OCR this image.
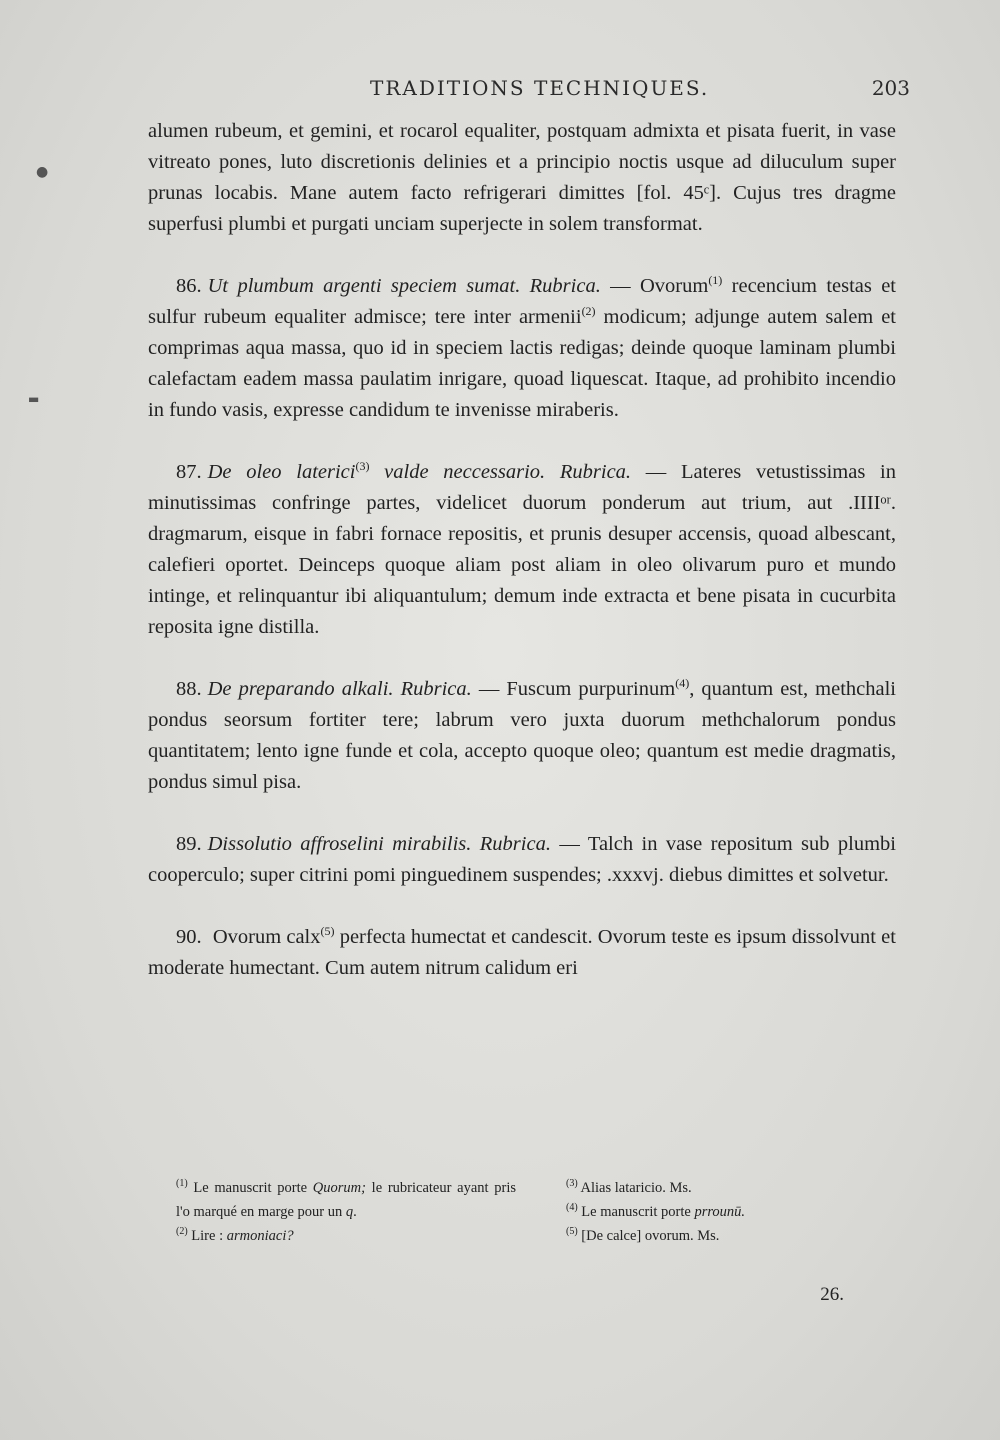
●
▬
TRADITIONS TECHNIQUES.	203

alumen rubeum, et gemini, et rocarol equaliter, postquam admixta et pisata fuerit, in vase vitreato pones, luto discretionis delinies et a principio noctis usque ad diluculum super prunas locabis. Mane autem facto refrigerari dimittes [fol. 45ᶜ]. Cujus tres dragme superfusi plumbi et purgati unciam superjecte in solem transformat.

86. Ut plumbum argenti speciem sumat. Rubrica. — Ovorum$^{(1)}$ recencium testas et sulfur rubeum equaliter admisce; tere inter armenii$^{(2)}$ modicum; adjunge autem salem et comprimas aqua massa, quo id in speciem lactis redigas; deinde quoque laminam plumbi calefactam eadem massa paulatim inrigare, quoad liquescat. Itaque, ad prohibito incendio in fundo vasis, expresse candidum te invenisse miraberis.

87. De oleo laterici$^{(3)}$ valde neccessario. Rubrica. — Lateres vetustissimas in minutissimas confringe partes, videlicet duorum ponderum aut trium, aut .IIIIᵒʳ. dragmarum, eisque in fabri fornace repositis, et prunis desuper accensis, quoad albescant, calefieri oportet. Deinceps quoque aliam post aliam in oleo olivarum puro et mundo intinge, et relinquantur ibi aliquantulum; demum inde extracta et bene pisata in cucurbita reposita igne distilla.

88. De preparando alkali. Rubrica. — Fuscum purpurinum$^{(4)}$, quantum est, methchali pondus seorsum fortiter tere; labrum vero juxta duorum methchalorum pondus quantitatem; lento igne funde et cola, accepto quoque oleo; quantum est medie dragmatis, pondus simul pisa.

89. Dissolutio affroselini mirabilis. Rubrica. — Talch in vase repositum sub plumbi cooperculo; super citrini pomi pinguedinem suspendes; .xxxvj. diebus dimittes et solvetur.

90. Ovorum calx$^{(5)}$ perfecta humectat et candescit. Ovorum teste es ipsum dissolvunt et moderate humectant. Cum autem nitrum calidum eri

$^{(1)}$ Le manuscrit porte Quorum; le rubricateur ayant pris l'o marqué en marge pour un q.

$^{(2)}$ Lire : armoniaci?

$^{(3)}$ Alias lataricio. Ms.

$^{(4)}$ Le manuscrit porte prrounū.

$^{(5)}$ [De calce] ovorum. Ms.

26.
